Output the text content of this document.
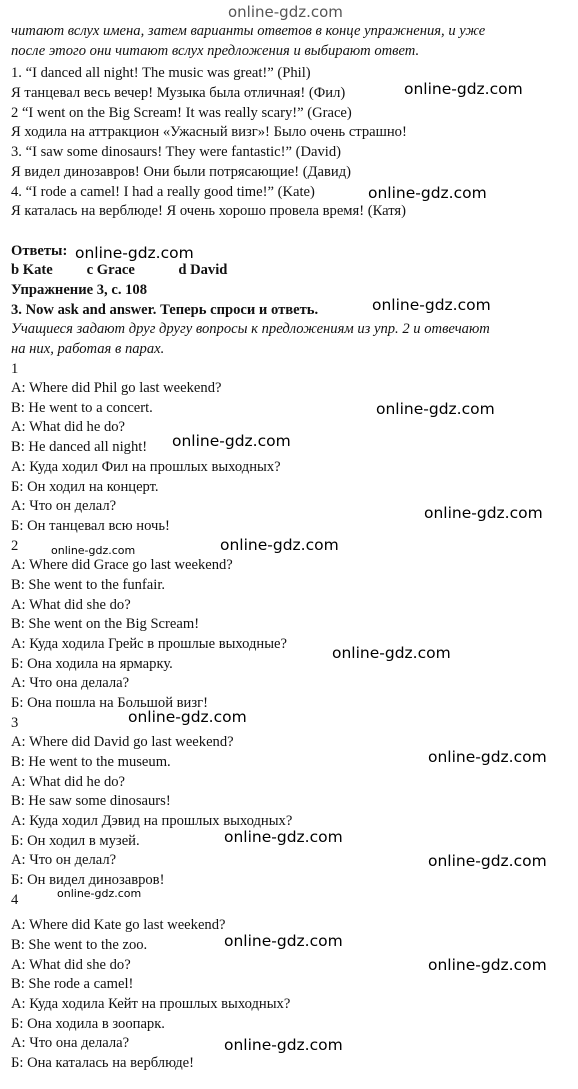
online-gdz.com
читают вслух имена, затем варианты ответов в конце упражнения, и уже
после этого они читают вслух предложения и выбирают ответ.
1. “I danced all night! The music was great!” (Phil)
Я танцевал весь вечер! Музыка была отличная! (Фил)
2 “I went on the Big Scream! It was really scary!” (Grace)
Я ходила на аттракцион «Ужасный визг»! Было очень страшно!
3. “I saw some dinosaurs! They were fantastic!” (David)
Я видел динозавров! Они были потрясающие! (Давид)
4. “I rode a camel! I had a really good time!” (Kate)
Я каталась на верблюде! Я очень хорошо провела время! (Катя)
Ответы:
b Kate c Grace	d David
Упражнение 3, с. 108
3. Now ask and answer. Теперь спроси и ответь.
Учащиеся задают друг другу вопросы к предложениям из упр. 2 и отвечают
на них, работая в парах.
1
A: Where did Phil go last weekend?
B: He went to a concert.
A: What did he do?
B: He danced all night!
А: Куда ходил Фил на прошлых выходных?
Б: Он ходил на концерт.
А: Что он делал?
Б: Он танцевал всю ночь!
2
A: Where did Grace go last weekend?
B: She went to the funfair.
A: What did she do?
B: She went on the Big Scream!
А: Куда ходила Грейс в прошлые выходные?
Б: Она ходила на ярмарку.
А: Что она делала?
Б: Она пошла на Большой визг!
3
A: Where did David go last weekend?
B: He went to the museum.
A: What did he do?
B: He saw some dinosaurs!
А: Куда ходил Дэвид на прошлых выходных?
Б: Он ходил в музей.
А: Что он делал?
Б: Он видел динозавров!
4
A: Where did Kate go last weekend?
B: She went to the zoo.
A: What did she do?
B: She rode a camel!
А: Куда ходила Кейт на прошлых выходных?
Б: Она ходила в зоопарк.
А: Что она делала?
Б: Она каталась на верблюде!
online-gdz.com
online-gdz.com
online-gdz.com
online-gdz.com
online-gdz.com
online-gdz.com
online-gdz.com
online-gdz.com	online-gdz.com
online-gdz.com
online-gdz.com
online-gdz.com
online-gdz.com
online-gdz.com
online-gdz.com
online-gdz.com
online-gdz.com
online-gdz.com
